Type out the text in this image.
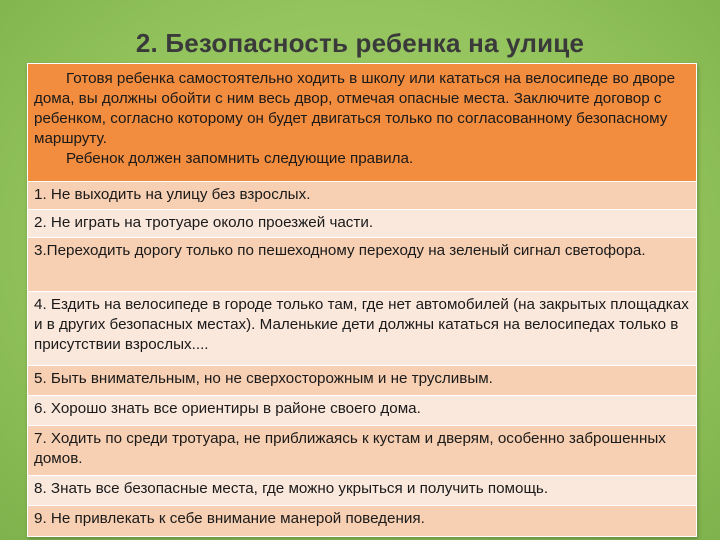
2. Безопасность ребенка на улице

Готовя ребенка самостоятельно ходить в школу или кататься на велосипеде во дворе дома, вы должны обойти с ним весь двор, отмечая опасные места. Заключите договор с ребенком, согласно которому он будет двигаться только по согласованному безопасному маршруту.

Ребенок должен запомнить следующие правила.

1. Не выходить на улицу без взрослых.
2. Не играть на тротуаре около проезжей части.
3.Переходить дорогу только по пешеходному переходу на зеленый сигнал светофора.
4. Ездить на велосипеде в городе только там, где нет автомобилей (на закрытых площадках и в других безопасных местах). Маленькие дети должны кататься на велосипедах только в присутствии взрослых....
5. Быть внимательным, но не сверхосторожным и не трусливым.
6. Хорошо знать все ориентиры в районе своего дома.
7. Ходить по среди тротуара, не приближаясь к кустам и дверям, особенно заброшенных домов.
8. Знать все безопасные места, где можно укрыться и получить помощь.
9. Не привлекать к себе внимание манерой поведения.
